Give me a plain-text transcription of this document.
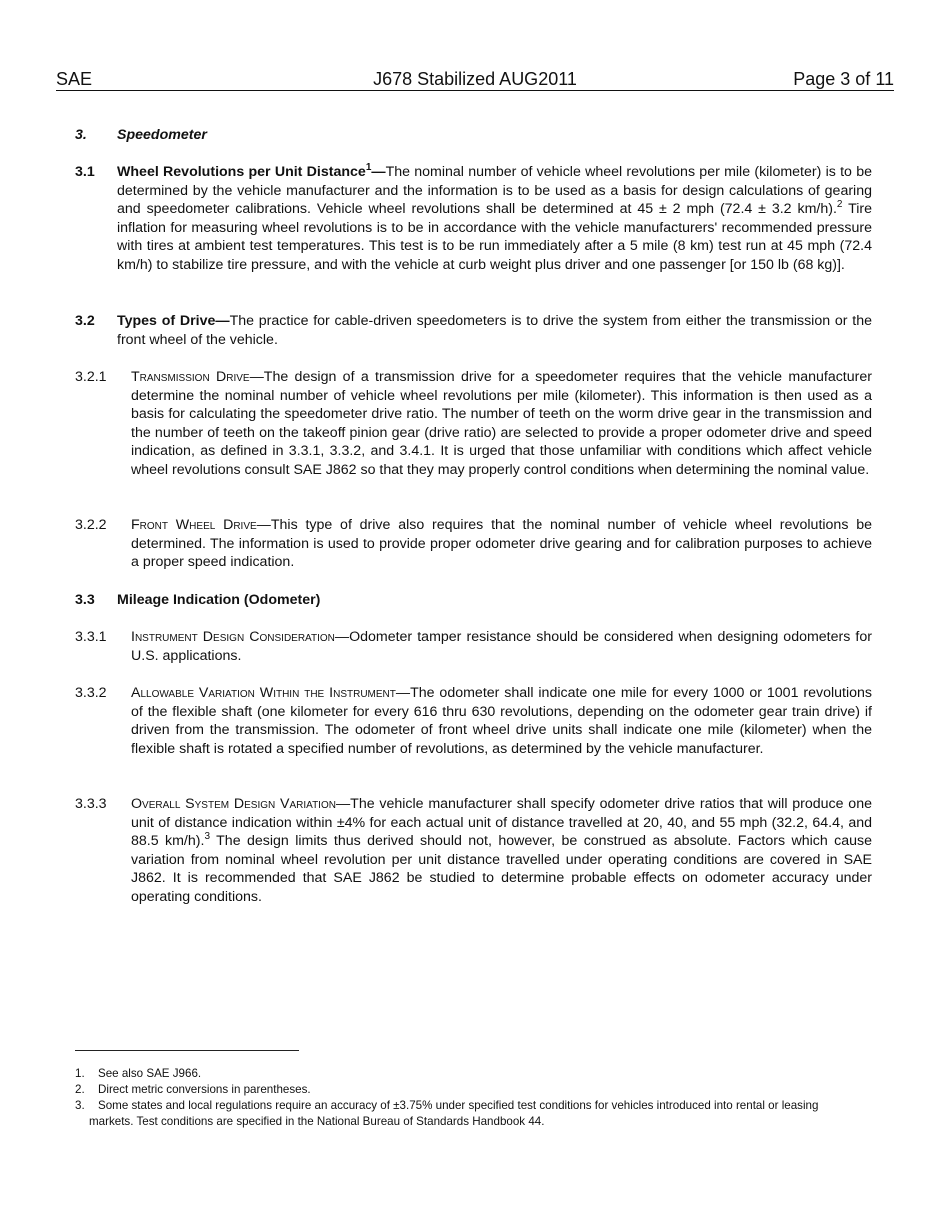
SAE	J678 Stabilized AUG2011	Page 3 of 11
3. Speedometer
3.1 Wheel Revolutions per Unit Distance$^1$—The nominal number of vehicle wheel revolutions per mile (kilometer) is to be determined by the vehicle manufacturer and the information is to be used as a basis for design calculations of gearing and speedometer calibrations. Vehicle wheel revolutions shall be determined at 45 ± 2 mph (72.4 ± 3.2 km/h).$^2$ Tire inflation for measuring wheel revolutions is to be in accordance with the vehicle manufacturers' recommended pressure with tires at ambient test temperatures. This test is to be run immediately after a 5 mile (8 km) test run at 45 mph (72.4 km/h) to stabilize tire pressure, and with the vehicle at curb weight plus driver and one passenger [or 150 lb (68 kg)].
3.2 Types of Drive—The practice for cable-driven speedometers is to drive the system from either the transmission or the front wheel of the vehicle.
3.2.1 Transmission Drive—The design of a transmission drive for a speedometer requires that the vehicle manufacturer determine the nominal number of vehicle wheel revolutions per mile (kilometer). This information is then used as a basis for calculating the speedometer drive ratio. The number of teeth on the worm drive gear in the transmission and the number of teeth on the takeoff pinion gear (drive ratio) are selected to provide a proper odometer drive and speed indication, as defined in 3.3.1, 3.3.2, and 3.4.1. It is urged that those unfamiliar with conditions which affect vehicle wheel revolutions consult SAE J862 so that they may properly control conditions when determining the nominal value.
3.2.2 Front Wheel Drive—This type of drive also requires that the nominal number of vehicle wheel revolutions be determined. The information is used to provide proper odometer drive gearing and for calibration purposes to achieve a proper speed indication.
3.3 Mileage Indication (Odometer)
3.3.1 Instrument Design Consideration—Odometer tamper resistance should be considered when designing odometers for U.S. applications.
3.3.2 Allowable Variation Within the Instrument—The odometer shall indicate one mile for every 1000 or 1001 revolutions of the flexible shaft (one kilometer for every 616 thru 630 revolutions, depending on the odometer gear train drive) if driven from the transmission. The odometer of front wheel drive units shall indicate one mile (kilometer) when the flexible shaft is rotated a specified number of revolutions, as determined by the vehicle manufacturer.
3.3.3 Overall System Design Variation—The vehicle manufacturer shall specify odometer drive ratios that will produce one unit of distance indication within ±4% for each actual unit of distance travelled at 20, 40, and 55 mph (32.2, 64.4, and 88.5 km/h).$^3$ The design limits thus derived should not, however, be construed as absolute. Factors which cause variation from nominal wheel revolution per unit distance travelled under operating conditions are covered in SAE J862. It is recommended that SAE J862 be studied to determine probable effects on odometer accuracy under operating conditions.
1. See also SAE J966.
2. Direct metric conversions in parentheses.
3. Some states and local regulations require an accuracy of ±3.75% under specified test conditions for vehicles introduced into rental or leasing
markets. Test conditions are specified in the National Bureau of Standards Handbook 44.
